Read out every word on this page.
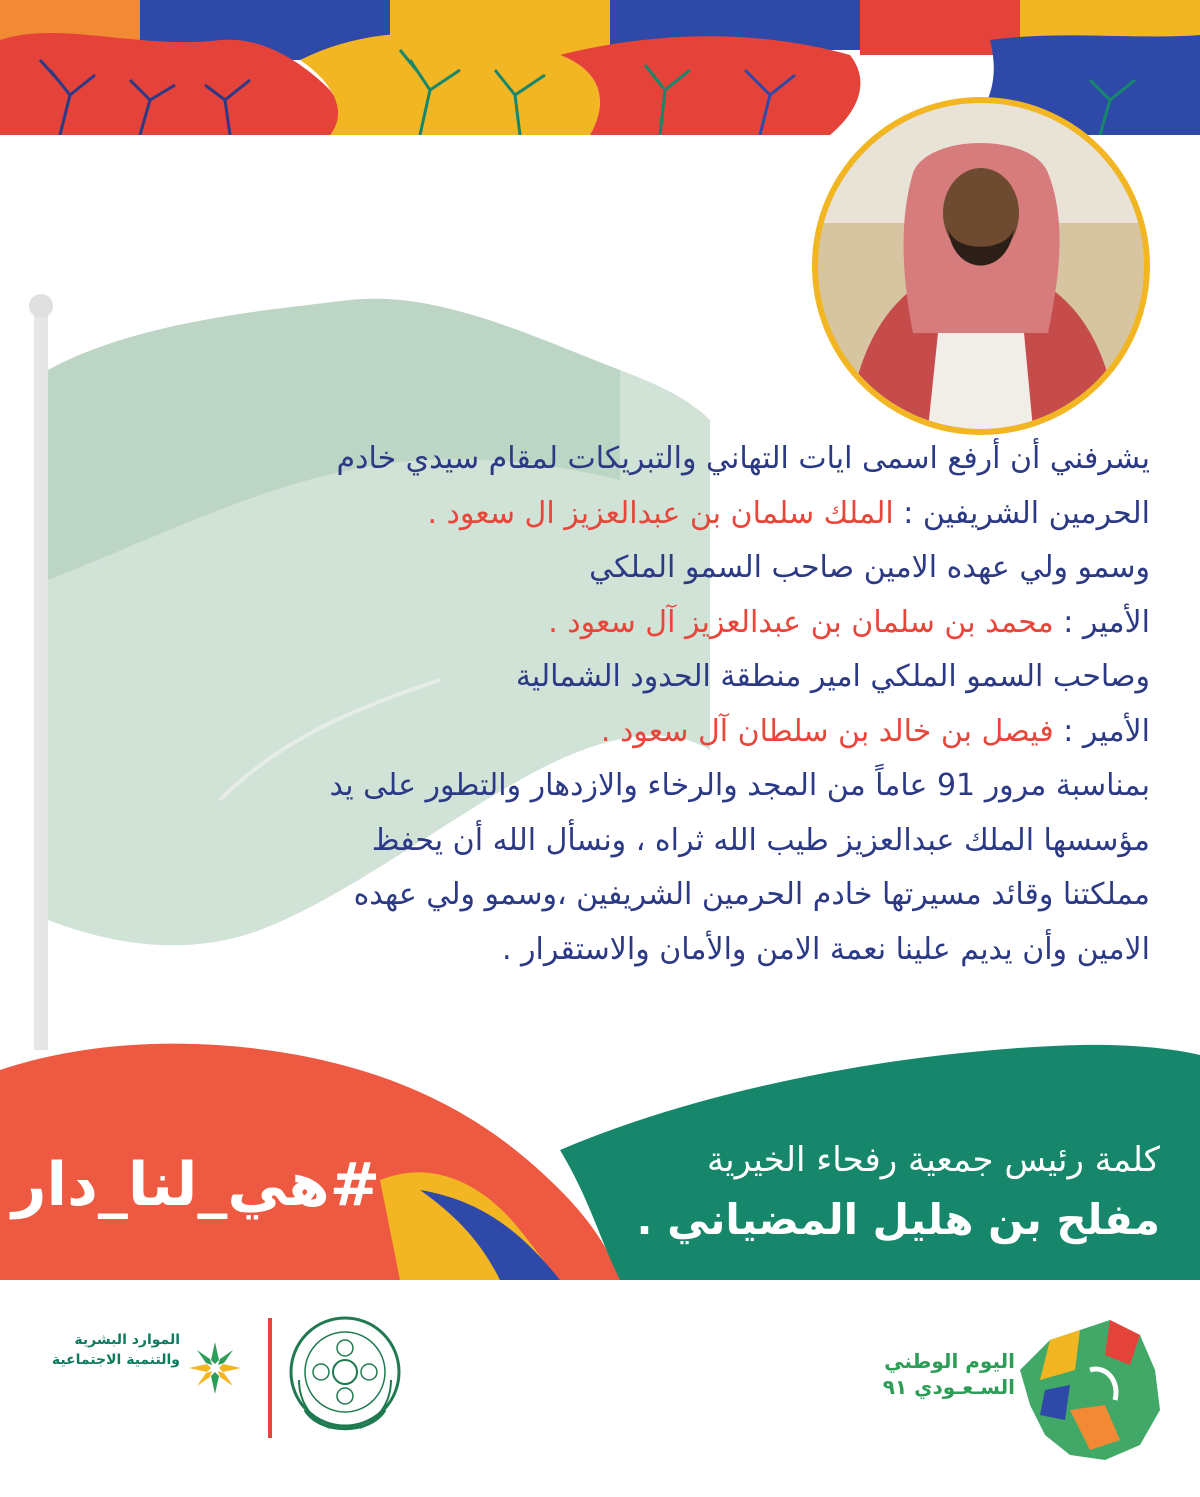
يشرفني أن أرفع اسمى ايات التهاني والتبريكات لمقام سيدي خادم

الحرمين الشريفين : الملك سلمان بن عبدالعزيز ال سعود .

وسمو ولي عهده الامين صاحب السمو الملكي

الأمير : محمد بن سلمان بن عبدالعزيز آل سعود .

وصاحب السمو الملكي امير منطقة الحدود الشمالية

الأمير : فيصل بن خالد بن سلطان آل سعود .

بمناسبة مرور 91 عاماً من المجد والرخاء والازدهار والتطور على يد

مؤسسها الملك عبدالعزيز طيب الله ثراه ، ونسأل الله أن يحفظ

مملكتنا وقائد مسيرتها خادم الحرمين الشريفين ،وسمو ولي عهده

الامين وأن يديم علينا نعمة الامن والأمان والاستقرار .

#هي_لنا_دار	كلمة رئيس جمعية رفحاء الخيرية
مفلح بن هليل المضياني .
الموارد البشرية
والتنمية الاجتماعية	اليوم الوطني
السـعـودي ٩١
